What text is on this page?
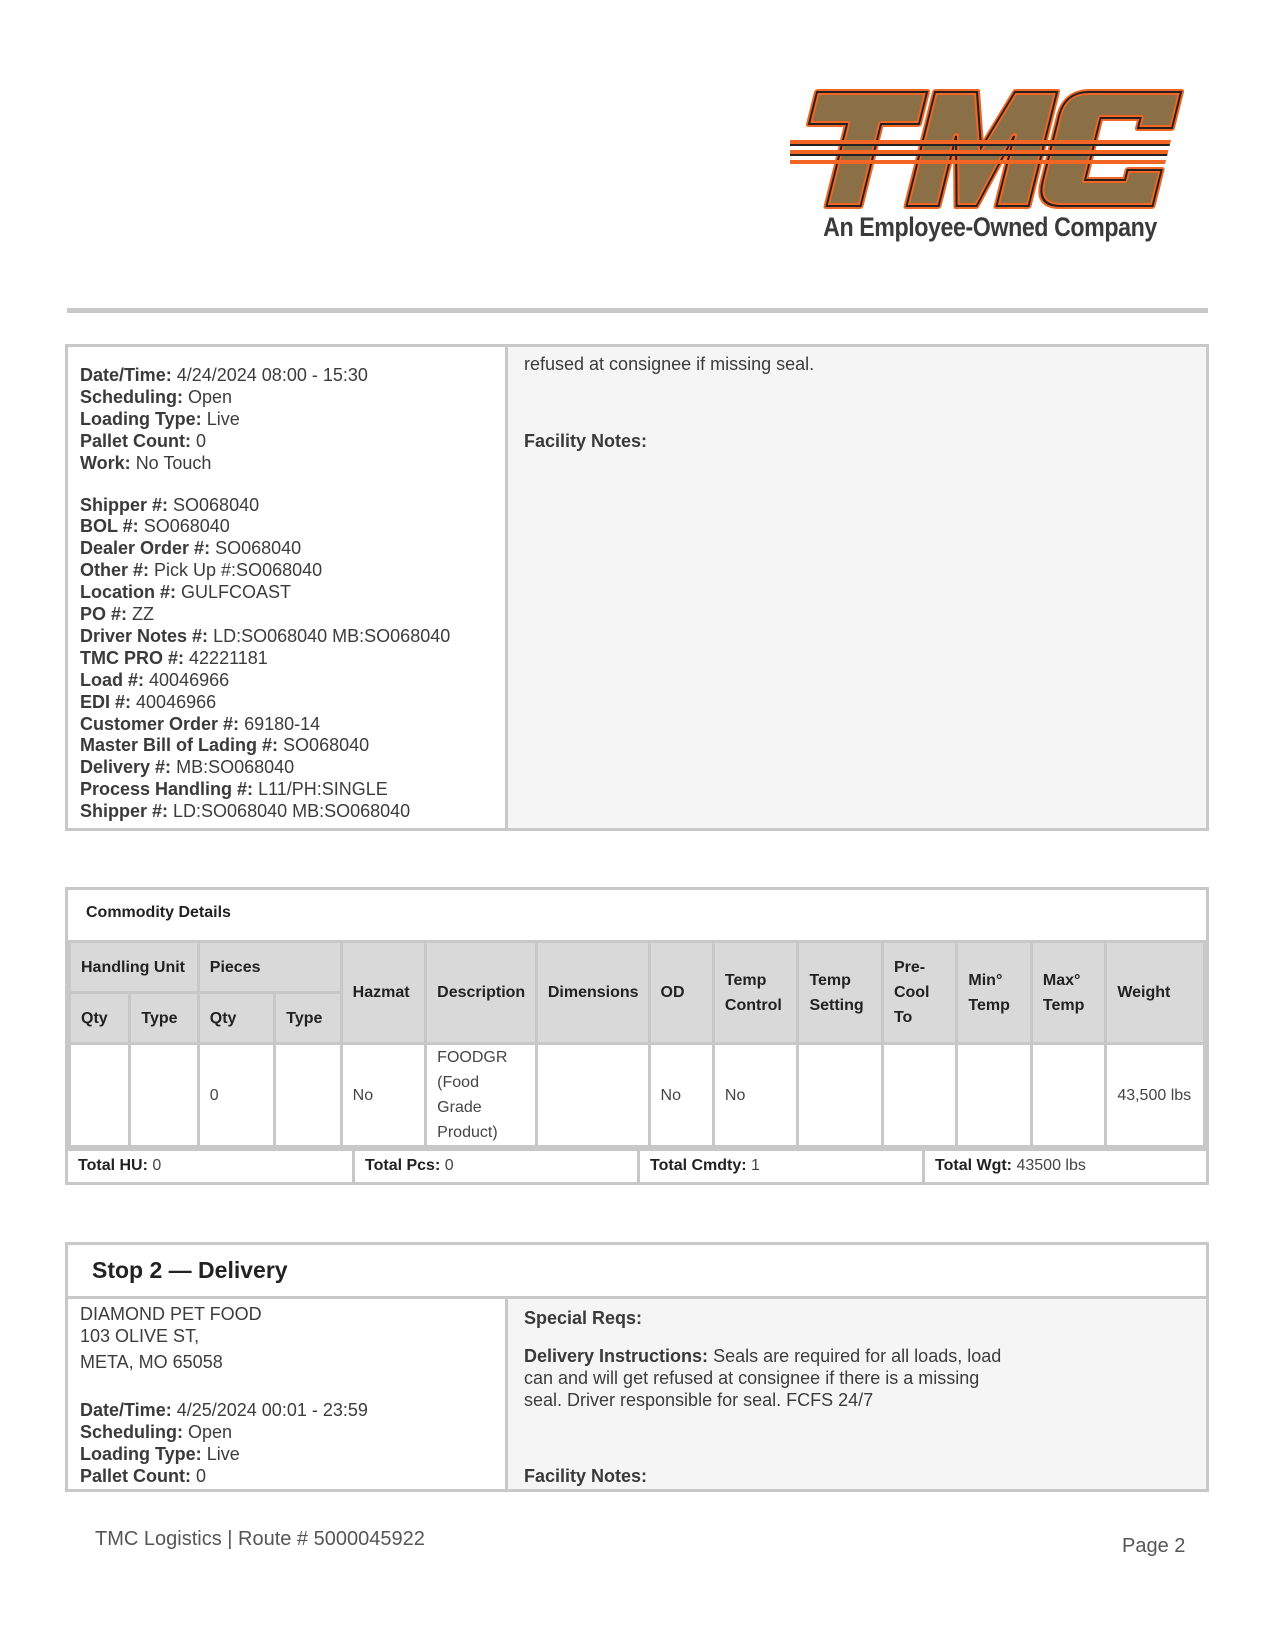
An Employee-Owned Company
Date/Time: 4/24/2024 08:00 - 15:30
Scheduling: Open
Loading Type: Live
Pallet Count: 0
Work: No Touch
Shipper #: SO068040
BOL #: SO068040
Dealer Order #: SO068040
Other #: Pick Up #:SO068040
Location #: GULFCOAST
PO #: ZZ
Driver Notes #: LD:SO068040 MB:SO068040
TMC PRO #: 42221181
Load #: 40046966
EDI #: 40046966
Customer Order #: 69180-14
Master Bill of Lading #: SO068040
Delivery #: MB:SO068040
Process Handling #: L11/PH:SINGLE
Shipper #: LD:SO068040 MB:SO068040
refused at consignee if missing seal.
Facility Notes:
Commodity Details
Handling Unit		Pieces		Hazmat	Description	Dimensions	OD	Temp Control	Temp Setting	Pre-Cool To	Min° Temp	Max° Temp	Weight
Qty	Type	Qty	Type										
		0		No	FOODGR (Food Grade Product)		No	No					43,500 lbs
Total HU: 0	Total Pcs: 0	Total Cmdty: 1	Total Wgt: 43500 lbs
Stop 2 — Delivery
DIAMOND PET FOOD
103 OLIVE ST,
META, MO 65058
Date/Time: 4/25/2024 00:01 - 23:59
Scheduling: Open
Loading Type: Live
Pallet Count: 0
Special Reqs:
Delivery Instructions: Seals are required for all loads, load
can and will get refused at consignee if there is a missing
seal. Driver responsible for seal. FCFS 24/7
Facility Notes:
TMC Logistics | Route # 5000045922	Page 2
